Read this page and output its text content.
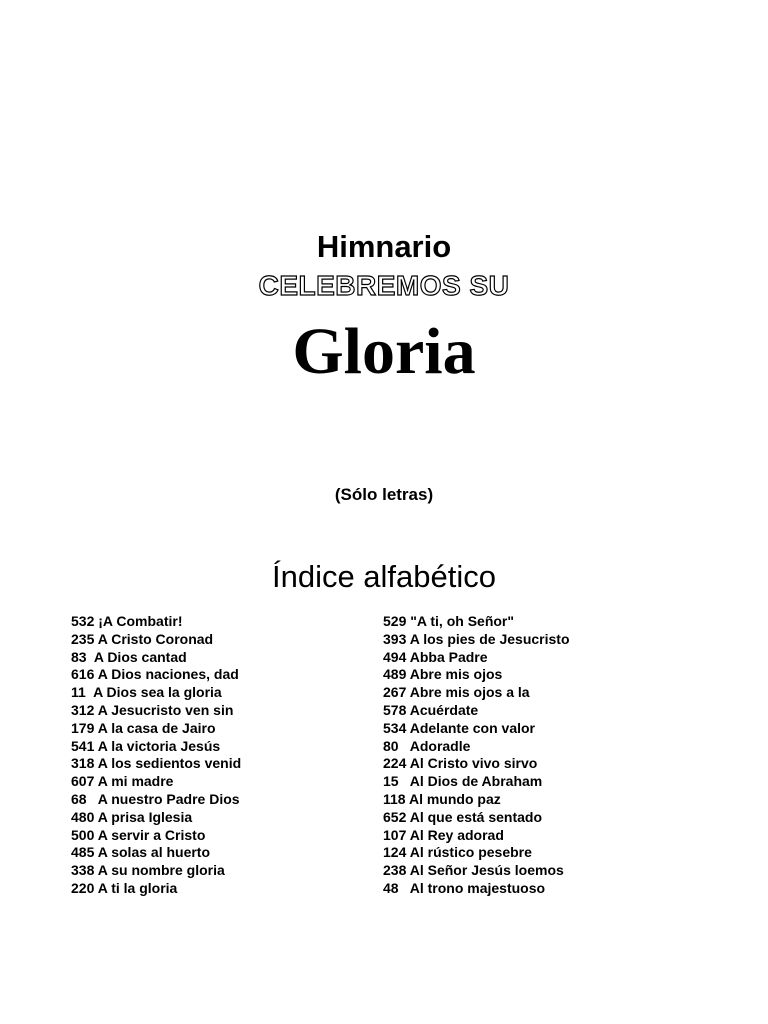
Himnario
CELEBREMOS SU
Gloria
(Sólo letras)
Índice alfabético
532 ¡A Combatir!
235 A Cristo Coronad
83  A Dios cantad
616 A Dios naciones, dad
11  A Dios sea la gloria
312 A Jesucristo ven sin
179 A la casa de Jairo
541 A la victoria Jesús
318 A los sedientos venid
607 A mi madre
68   A nuestro Padre Dios
480 A prisa Iglesia
500 A servir a Cristo
485 A solas al huerto
338 A su nombre gloria
220 A ti la gloria
529 "A ti, oh Señor"
393 A los pies de Jesucristo
494 Abba Padre
489 Abre mis ojos
267 Abre mis ojos a la
578 Acuérdate
534 Adelante con valor
80   Adoradle
224 Al Cristo vivo sirvo
15   Al Dios de Abraham
118 Al mundo paz
652 Al que está sentado
107 Al Rey adorad
124 Al rústico pesebre
238 Al Señor Jesús loemos
48   Al trono majestuoso
